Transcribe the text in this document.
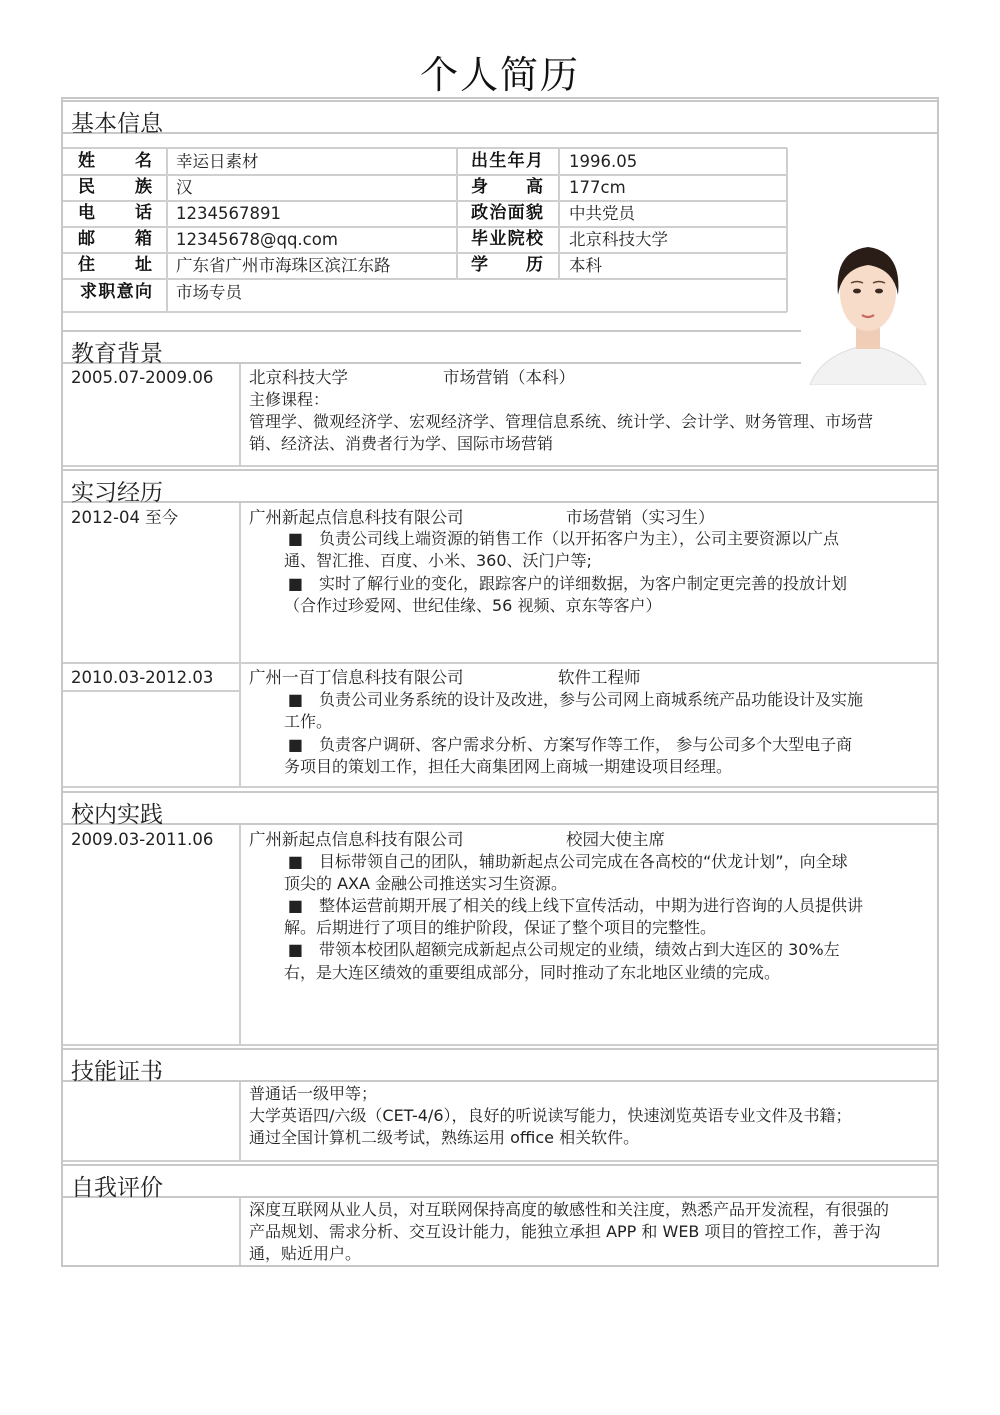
个人简历
基本信息
姓名 幸运日素材	出生年月 1996.05
民族 汉	身高 177cm
电话 1234567891	政治面貌 中共党员
邮箱 12345678@qq.com	毕业院校 北京科技大学
住址 广东省广州市海珠区滨江东路	学历 本科
求职意向 市场专员
教育背景
2005.07-2009.06 北京科技大学	市场营销（本科）
主修课程：
管理学、微观经济学、宏观经济学、管理信息系统、统计学、会计学、财务管理、市场营
销、经济法、消费者行为学、国际市场营销
实习经历
2012-04 至今	广州新起点信息科技有限公司	市场营销（实习生）
■ 负责公司线上端资源的销售工作（以开拓客户为主），公司主要资源以广点
通、智汇推、百度、小米、360、沃门户等;
■ 实时了解行业的变化，跟踪客户的详细数据，为客户制定更完善的投放计划
（合作过珍爱网、世纪佳缘、56 视频、京东等客户）
2010.03-2012.03 广州一百丁信息科技有限公司	软件工程师
■ 负责公司业务系统的设计及改进，参与公司网上商城系统产品功能设计及实施
工作。
■ 负责客户调研、客户需求分析、方案写作等工作， 参与公司多个大型电子商
务项目的策划工作，担任大商集团网上商城一期建设项目经理。
校内实践
2009.03-2011.06 广州新起点信息科技有限公司	校园大使主席
■ 目标带领自己的团队，辅助新起点公司完成在各高校的“伏龙计划”，向全球
顶尖的 AXA 金融公司推送实习生资源。
■ 整体运营前期开展了相关的线上线下宣传活动，中期为进行咨询的人员提供讲
解。后期进行了项目的维护阶段，保证了整个项目的完整性。
■ 带领本校团队超额完成新起点公司规定的业绩，绩效占到大连区的 30%左
右，是大连区绩效的重要组成部分，同时推动了东北地区业绩的完成。
技能证书
普通话一级甲等；
大学英语四/六级（CET-4/6），良好的听说读写能力，快速浏览英语专业文件及书籍；
通过全国计算机二级考试，熟练运用 office 相关软件。
自我评价
深度互联网从业人员，对互联网保持高度的敏感性和关注度，熟悉产品开发流程，有很强的
产品规划、需求分析、交互设计能力，能独立承担 APP 和 WEB 项目的管控工作，善于沟
通，贴近用户。
